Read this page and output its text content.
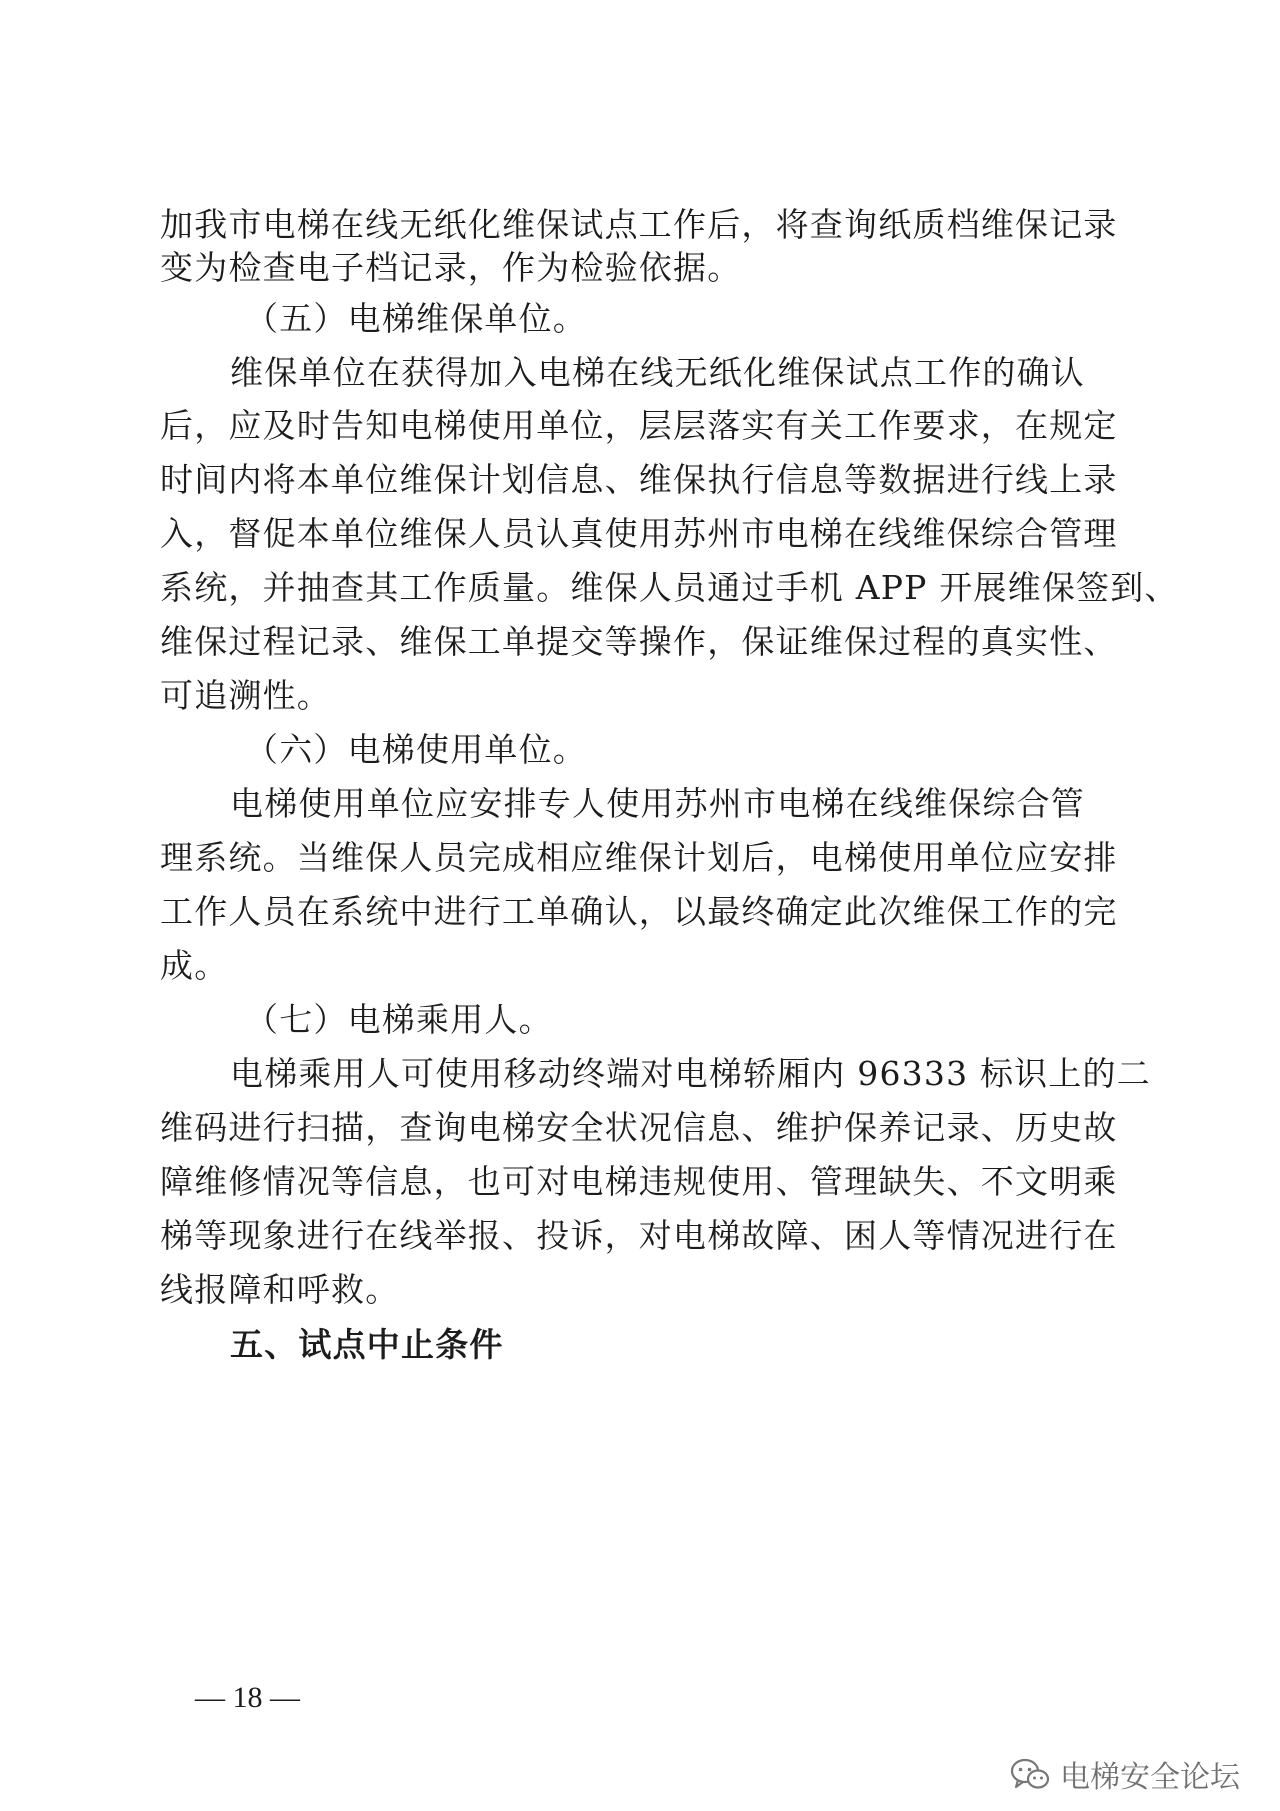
加我市电梯在线无纸化维保试点工作后，将查询纸质档维保记录
变为检查电子档记录，作为检验依据。
（五）电梯维保单位。
维保单位在获得加入电梯在线无纸化维保试点工作的确认
后，应及时告知电梯使用单位，层层落实有关工作要求，在规定
时间内将本单位维保计划信息、维保执行信息等数据进行线上录
入，督促本单位维保人员认真使用苏州市电梯在线维保综合管理
系统，并抽查其工作质量。维保人员通过手机 APP 开展维保签到、
维保过程记录、维保工单提交等操作，保证维保过程的真实性、
可追溯性。
（六）电梯使用单位。
电梯使用单位应安排专人使用苏州市电梯在线维保综合管
理系统。当维保人员完成相应维保计划后，电梯使用单位应安排
工作人员在系统中进行工单确认，以最终确定此次维保工作的完
成。
（七）电梯乘用人。
电梯乘用人可使用移动终端对电梯轿厢内 96333 标识上的二
维码进行扫描，查询电梯安全状况信息、维护保养记录、历史故
障维修情况等信息，也可对电梯违规使用、管理缺失、不文明乘
梯等现象进行在线举报、投诉，对电梯故障、困人等情况进行在
线报障和呼救。
五、试点中止条件
— 18 —
电梯安全论坛
